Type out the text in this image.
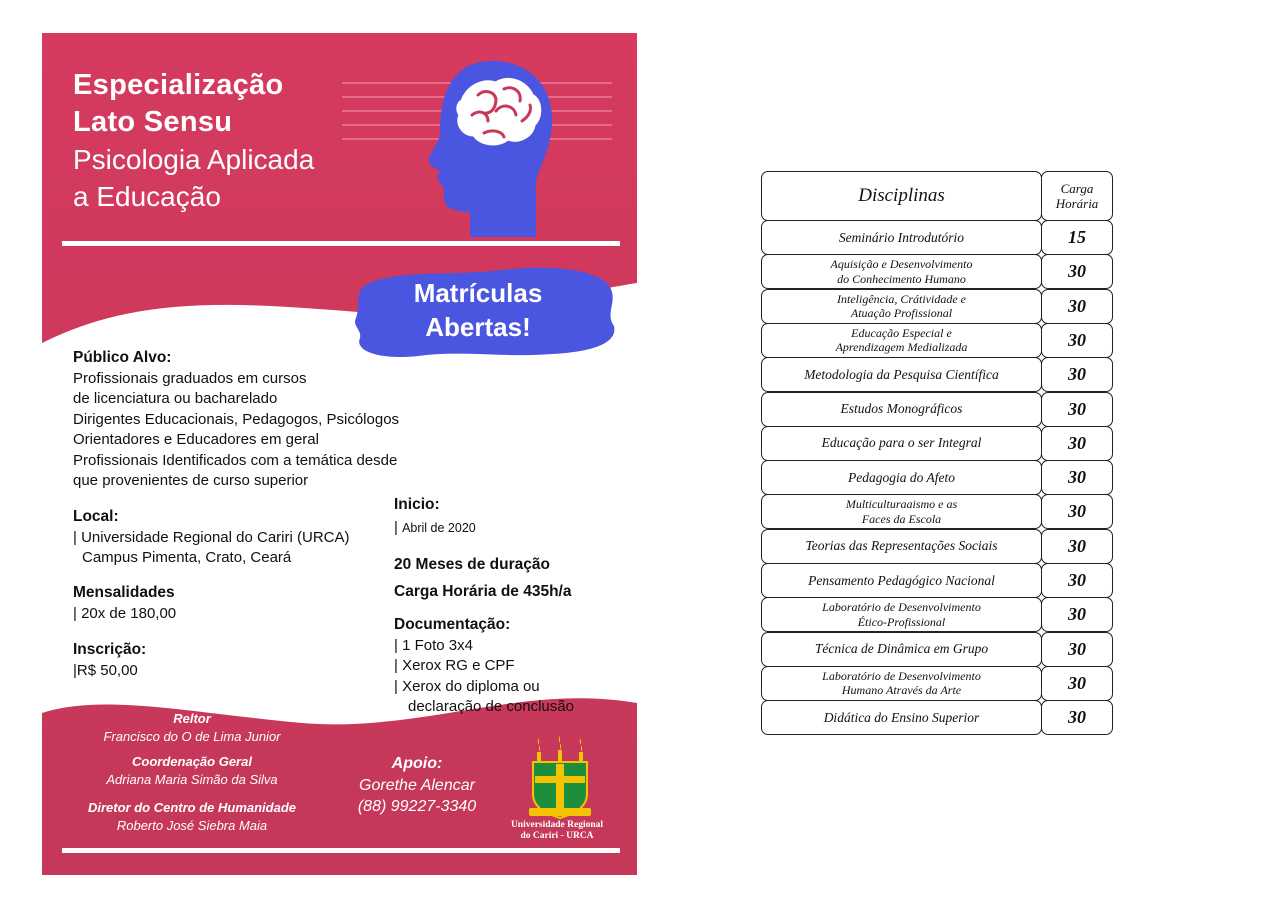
Especialização
Lato Sensu
Psicologia Aplicada
a Educação
Matrículas
Abertas!
Público Alvo:
Profissionais graduados em cursos
de licenciatura ou bacharelado
Dirigentes Educacionais, Pedagogos, Psicólogos
Orientadores e Educadores em geral
Profissionais Identificados com a temática desde
que provenientes de curso superior
Local:
| Universidade Regional do Cariri (URCA)
Campus Pimenta, Crato, Ceará
Inicio:
| Abril de 2020
20 Meses de duração
Carga Horária de 435h/a
Mensalidades
| 20x de 180,00
Inscrição:
|R$ 50,00
Documentação:
| 1 Foto 3x4
| Xerox RG e CPF
| Xerox do diploma ou
declaração de conclusão
Reltor
Francisco do O de Lima Junior
Coordenação Geral
Adriana Maria Simão da Silva
Diretor do Centro de Humanidade
Roberto José Siebra Maia
Apoio:
Gorethe Alencar
(88) 99227-3340
Universidade Regional
do Cariri - URCA
Disciplinas	Carga
Horária
Seminário Introdutório	15
Aquisição e Desenvolvimento
do Conhecimento Humano	30
Inteligência, Crátividade e
Atuação Profissional	30
Educação Especial e
Aprendizagem Medializada	30
Metodologia da Pesquisa Científica	30
Estudos Monográficos	30
Educação para o ser Integral	30
Pedagogia do Afeto	30
Multiculturaaismo e as
Faces da Escola	30
Teorias das Representações Sociais	30
Pensamento Pedagógico Nacional	30
Laboratório de Desenvolvimento
Ético-Profissional	30
Técnica de Dinâmica em Grupo	30
Laboratório de Desenvolvimento
Humano Através da Arte	30
Didática do Ensino Superior	30
